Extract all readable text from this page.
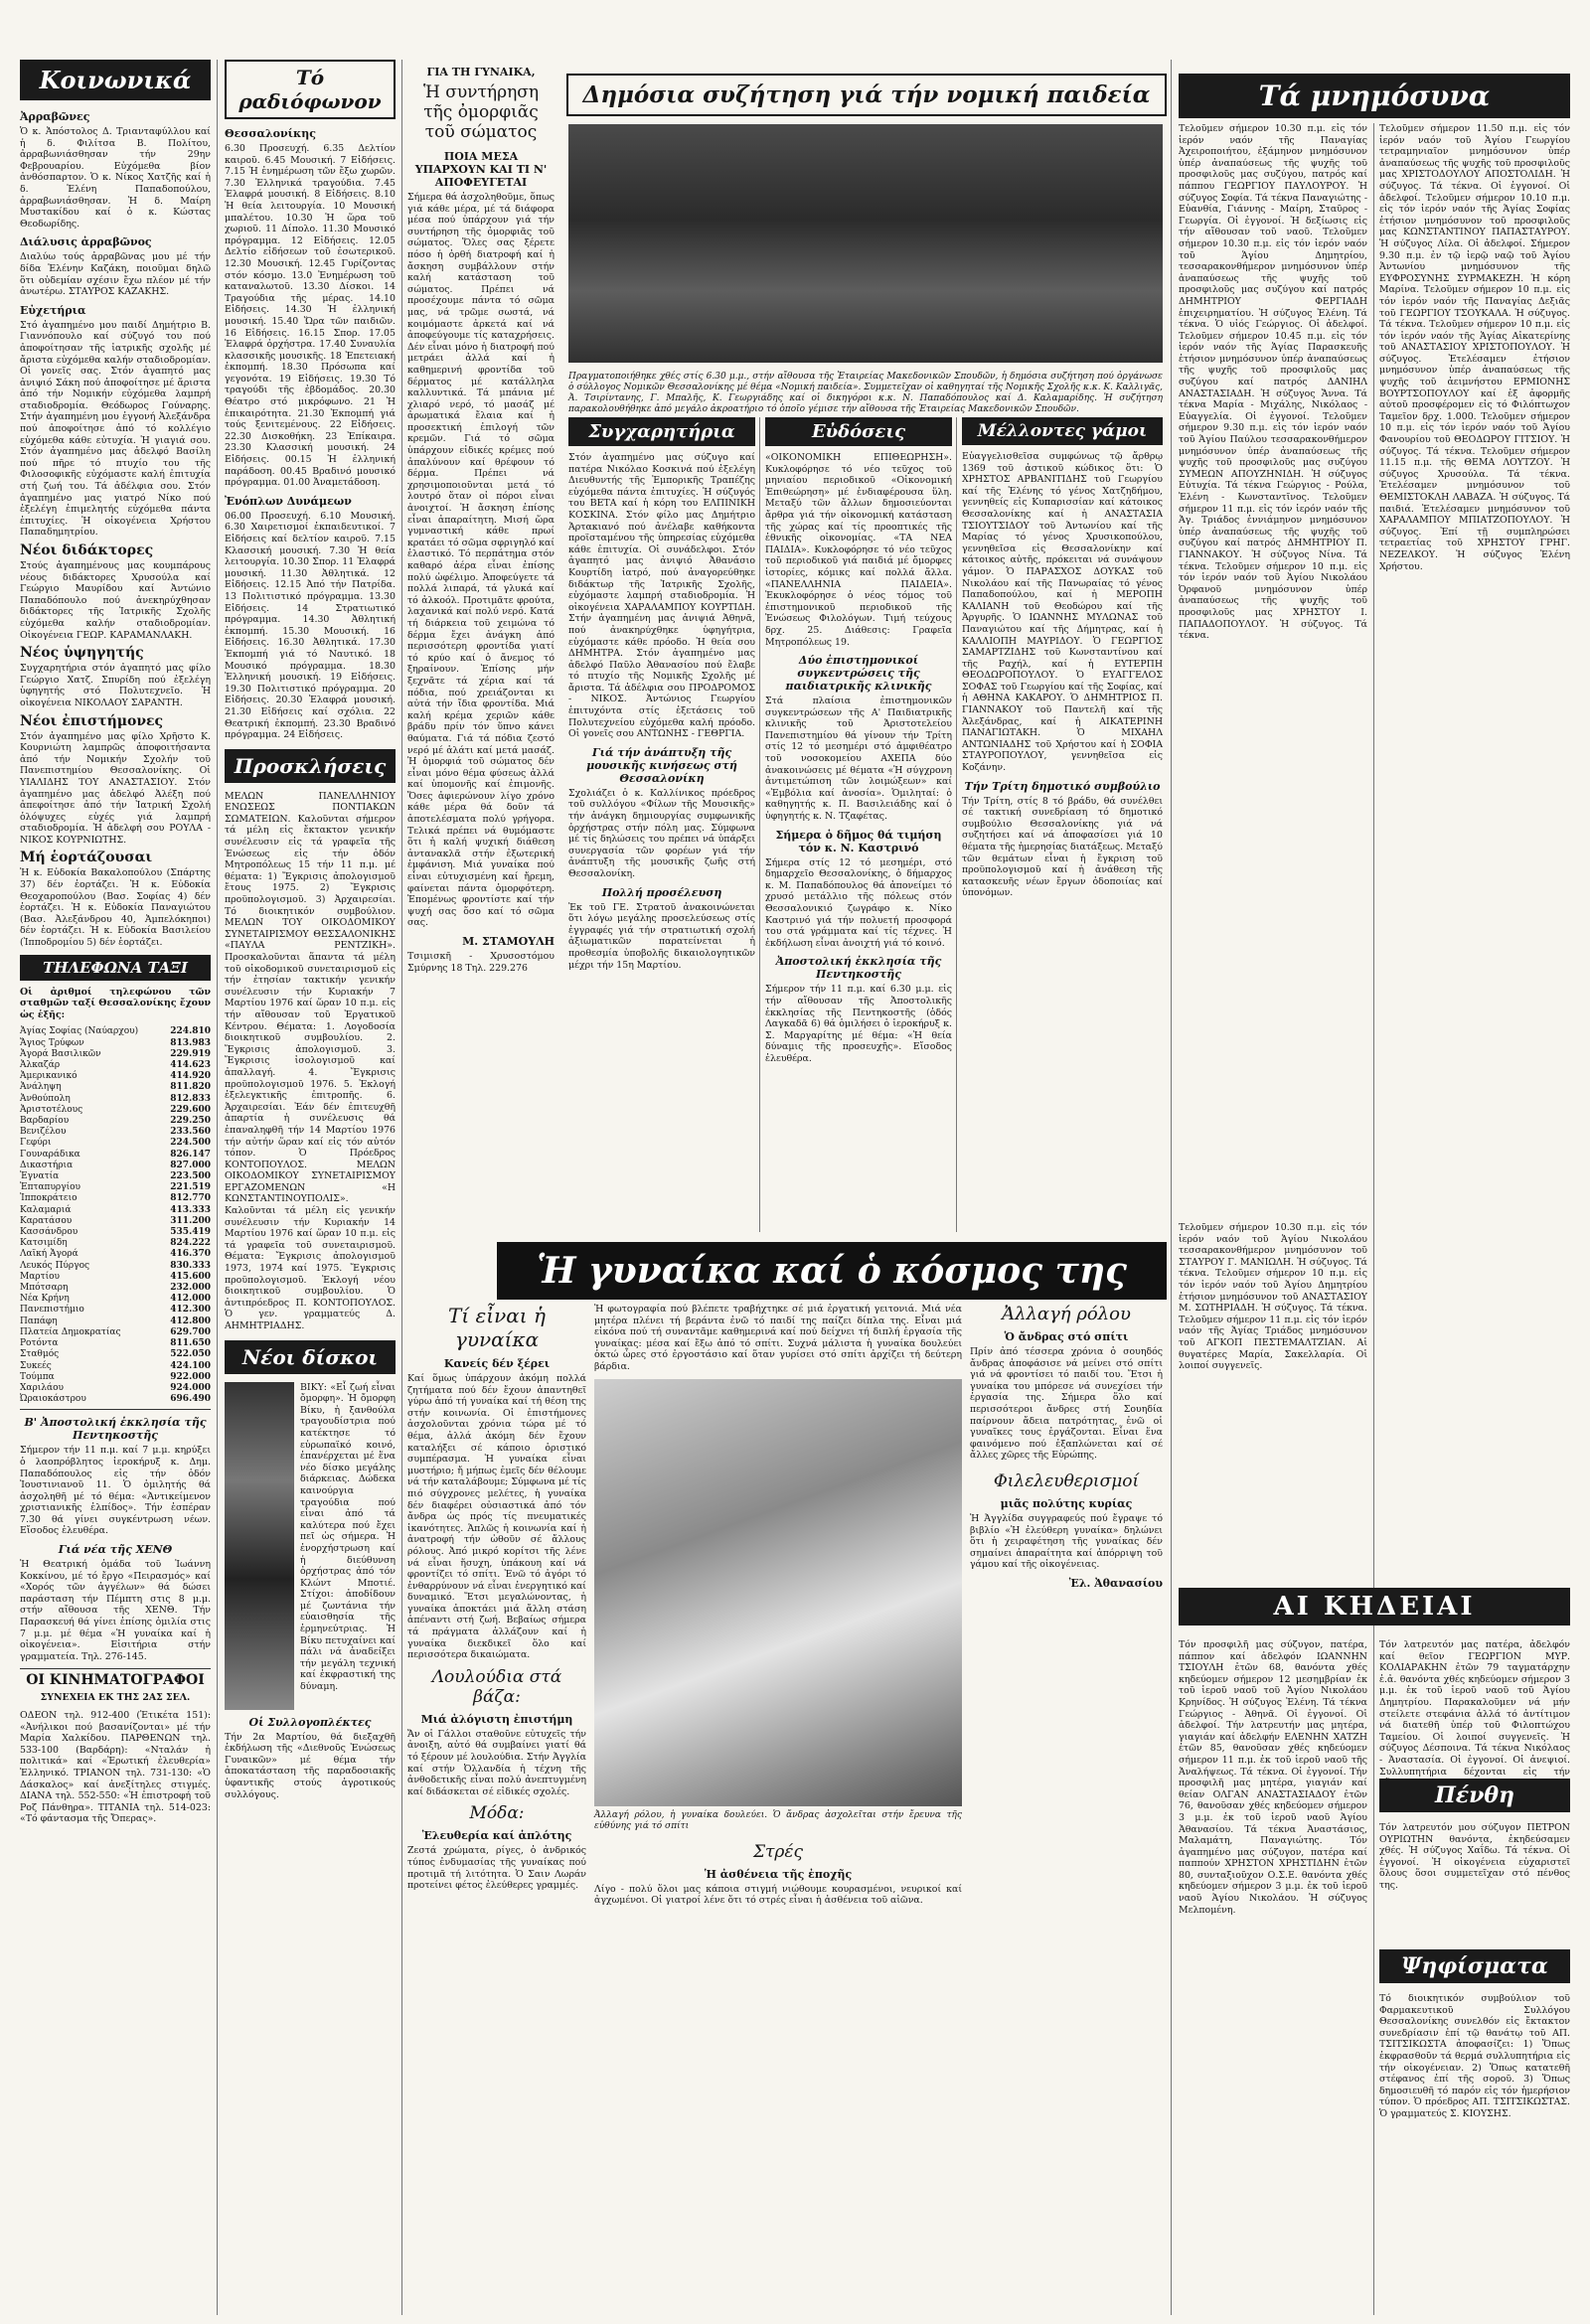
Κοινωνικά
Ἀρραβῶνες

Ὁ κ. Ἀπόστολος Δ. Τριανταφύλλου καί ἡ δ. Φιλίτσα Β. Πολίτου, ἀρραβωνιάσθησαν τήν 29ην Φεβρουαρίου. Εὐχόμεθα βίον ἀνθόσπαρτον. Ὁ κ. Νίκος Χατζῆς καί ἡ δ. Ἑλένη Παπαδοπούλου, ἀρραβωνιάσθησαν. Ἡ δ. Μαίρη Μυστακίδου καί ὁ κ. Κώστας Θεοδωρίδης.

Διάλυσις ἀρραβῶνος

Διαλύω τούς ἀρραβῶνας μου μέ τήν δίδα Ἑλένην Καζάκη, ποιοῦμαι δηλῶ ὅτι οὐδεμίαν σχέσιν ἔχω πλέον μέ τήν ἀνωτέρω. ΣΤΑΥΡΟΣ ΚΑΖΑΚΗΣ.

Εὐχετήρια

Στό ἀγαπημένο μου παιδί Δημήτριο Β. Γιαννόπουλο καί σύζυγό του πού ἀποφοίτησαν τῆς ἰατρικῆς σχολῆς μέ ἄριστα εὐχόμεθα καλήν σταδιοδρομίαν. Οἱ γονεῖς σας. Στόν ἀγαπητό μας ἀνιψιό Σάκη πού ἀποφοίτησε μέ ἄριστα ἀπό τήν Νομικήν εὐχόμεθα λαμπρή σταδιοδρομία. Θεόδωρος Γούναρης. Στήν ἀγαπημένη μου ἐγγονή Ἀλεξάνδρα πού ἀποφοίτησε ἀπό τό κολλέγιο εὐχόμεθα κάθε εὐτυχία. Ἡ γιαγιά σου. Στόν ἀγαπημένο μας ἀδελφό Βασίλη πού πῆρε τό πτυχίο του τῆς Φιλοσοφικῆς εὐχόμαστε καλή ἐπιτυχία στή ζωή του. Τά ἀδέλφια σου. Στόν ἀγαπημένο μας γιατρό Νίκο πού ἐξελέγη ἐπιμελητής εὐχόμεθα πάντα ἐπιτυχίες. Ἡ οἰκογένεια Χρήστου Παπαδημητρίου.

Νέοι διδάκτορες

Στούς ἀγαπημένους μας κουμπάρους νέους διδάκτορες Χρυσούλα καί Γεώργιο Μαυρίδου καί Ἀντώνιο Παπαδόπουλο πού ἀνεκηρύχθησαν διδάκτορες τῆς Ἰατρικῆς Σχολῆς εὐχόμεθα καλήν σταδιοδρομίαν. Οἰκογένεια ΓΕΩΡ. ΚΑΡΑΜΑΝΛΑΚΗ.

Νέος ὑψηγητής

Συγχαρητήρια στόν ἀγαπητό μας φίλο Γεώργιο Χατζ. Σπυρίδη πού ἐξελέγη ὑφηγητής στό Πολυτεχνεῖο. Ἡ οἰκογένεια ΝΙΚΟΛΑΟΥ ΣΑΡΑΝΤΗ.

Νέοι ἐπιστήμονες

Στόν ἀγαπημένο μας φίλο Χρῆστο Κ. Κουρνιώτη λαμπρῶς ἀποφοιτήσαντα ἀπό τήν Νομικήν Σχολήν τοῦ Πανεπιστημίου Θεσσαλονίκης. Οἱ ΥΙΑΛΙΔΗΣ ΤΟΥ ΑΝΑΣΤΑΣΙΟΥ. Στόν ἀγαπημένο μας ἀδελφό Ἀλέξη πού ἀπεφοίτησε ἀπό τήν Ἰατρική Σχολή ὁλόψυχες εὐχές γιά λαμπρή σταδιοδρομία. Ἡ ἀδελφή σου ΡΟΥΛΑ - ΝΙΚΟΣ ΚΟΥΡΝΙΩΤΗΣ.

Μή ἑορτάζουσαι

Ἡ κ. Εὐδοκία Βακαλοπούλου (Σπάρτης 37) δέν ἑορτάζει. Ἡ κ. Εὐδοκία Θεοχαροπούλου (Βασ. Σοφίας 4) δέν ἑορτάζει. Ἡ κ. Εὐδοκία Παναγιώτου (Βασ. Ἀλεξάνδρου 40, Ἀμπελόκηποι) δέν ἑορτάζει. Ἡ κ. Εὐδοκία Βασιλείου (Ἰπποδρομίου 5) δέν ἑορτάζει.

ΤΗΛΕΦΩΝΑ ΤΑΞΙ

Οἱ ἀριθμοί τηλεφώνου τῶν σταθμῶν ταξί Θεσσαλονίκης ἔχουν ὡς ἑξῆς:

Ἀγίας Σοφίας (Ναύαρχου)	224.810
Ἄγιος Τρύφων	813.983
Ἀγορά Βασιλικῶν	229.919
Ἀλκαζάρ	414.623
Ἀμερικανικό	414.920
Ἀνάληψη	811.820
Ἀνθούπολη	812.833
Ἀριστοτέλους	229.600
Βαρδαρίου	229.250
Βενιζέλου	233.560
Γεφύρι	224.500
Γουναράδικα	826.147
Δικαστήρια	827.000
Ἐγνατία	223.500
Ἑπταπυργίου	221.519
Ἰπποκράτειο	812.770
Καλαμαριά	413.333
Καρατάσου	311.200
Κασσάνδρου	535.419
Κατσιμίδη	824.222
Λαϊκή Ἀγορά	416.370
Λευκός Πύργος	830.333
Μαρτίου	415.600
Μπότσαρη	232.000
Νέα Κρήνη	412.000
Πανεπιστήμιο	412.300
Παπάφη	412.800
Πλατεία Δημοκρατίας	629.700
Ροτόντα	811.650
Σταθμός	522.050
Συκεές	424.100
Τούμπα	922.000
Χαριλάου	924.000
Ὠραιοκάστρου	696.490
Β' Ἀποστολική ἐκκλησία τῆς Πεντηκοστῆς

Σήμερον τήν 11 π.μ. καί 7 μ.μ. κηρύξει ὁ λαοπρόβλητος ἱεροκήρυξ κ. Δημ. Παπαδόπουλος εἰς τήν ὁδόν Ἰουστινιανοῦ 11. Ὁ ὁμιλητής θά ἀσχοληθῆ μέ τό θέμα: «Ἀντικείμενον χριστιανικῆς ἐλπίδος». Τήν ἑσπέραν 7.30 θά γίνει συγκέντρωση νέων. Εἴσοδος ἐλευθέρα.

Γιά νέα τῆς ΧΕΝΘ

Ἡ Θεατρική ὁμάδα τοῦ Ἰωάννη Κοκκίνου, μέ τό ἔργο «Πειρασμός» καί «Χορός τῶν ἀγγέλων» θά δώσει παράσταση τήν Πέμπτη στις 8 μ.μ. στήν αἴθουσα τῆς ΧΕΝΘ. Τήν Παρασκευή θά γίνει ἐπίσης ὁμιλία στις 7 μ.μ. μέ θέμα «Ἡ γυναίκα καί ἡ οἰκογένεια». Εἰσιτήρια στήν γραμματεία. Τηλ. 276-145.

ΟΙ ΚΙΝΗΜΑΤΟΓΡΑΦΟΙ
ΣΥΝΕΧΕΙΑ ΕΚ ΤΗΣ 2ΑΣ ΣΕΛ.

ΟΔΕΟΝ τηλ. 912-400 (Ἐτικέτα 151): «Ἀνήλικοι πού βασανίζονται» μέ τήν Μαρία Χαλκίδου. ΠΑΡΘΕΝΩΝ τηλ. 533-100 (Βαρδάρη): «Νταλάν ἡ πολιτικά» καί «Ἐρωτική ἐλευθερία» Ἑλληνικό. ΤΡΙΑΝΟΝ τηλ. 731-130: «Ὁ Δάσκαλος» καί ἀνεξίτηλες στιγμές. ΔΙΑΝΑ τηλ. 552-550: «Ἡ ἐπιστροφή τοῦ Ροζ Πάνθηρα». ΤΙΤΑΝΙΑ τηλ. 514-023: «Τό φάντασμα τῆς Ὄπερας».

Τό ραδιόφωνον
Θεσσαλονίκης

6.30 Προσευχή. 6.35 Δελτίον καιροῦ. 6.45 Μουσική. 7 Εἰδήσεις. 7.15 Ἡ ἐνημέρωση τῶν ἔξω χωρῶν. 7.30 Ἑλληνικά τραγούδια. 7.45 Ἐλαφρά μουσική. 8 Εἰδήσεις. 8.10 Ἡ θεία λειτουργία. 10 Μουσική μπαλέτου. 10.30 Ἡ ὥρα τοῦ χωριοῦ. 11 Δίπολο. 11.30 Μουσικό πρόγραμμα. 12 Εἰδήσεις. 12.05 Δελτίο εἰδήσεων τοῦ ἐσωτερικοῦ. 12.30 Μουσική. 12.45 Γυρίζοντας στόν κόσμο. 13.0 Ἐνημέρωση τοῦ καταναλωτοῦ. 13.30 Δίσκοι. 14 Τραγούδια τῆς μέρας. 14.10 Εἰδήσεις. 14.30 Ἡ ἑλληνική μουσική. 15.40 Ὥρα τῶν παιδιῶν. 16 Εἰδήσεις. 16.15 Σπορ. 17.05 Ἐλαφρά ὀρχήστρα. 17.40 Συναυλία κλασσικῆς μουσικῆς. 18 Ἐπετειακή ἐκπομπή. 18.30 Πρόσωπα καί γεγονότα. 19 Εἰδήσεις. 19.30 Τό τραγούδι τῆς ἐβδομάδος. 20.30 Θέατρο στό μικρόφωνο. 21 Ἡ ἐπικαιρότητα. 21.30 Ἐκπομπή γιά τούς ξενιτεμένους. 22 Εἰδήσεις. 22.30 Δισκοθήκη. 23 Ἐπίκαιρα. 23.30 Κλασσική μουσική. 24 Εἰδήσεις. 00.15 Ἡ ἑλληνική παράδοση. 00.45 Βραδινό μουσικό πρόγραμμα. 01.00 Ἀναμετάδοση.

Ἐνόπλων Δυνάμεων

06.00 Προσευχή. 6.10 Μουσική. 6.30 Χαιρετισμοί ἐκπαιδευτικοί. 7 Εἰδήσεις καί δελτίον καιροῦ. 7.15 Κλασσική μουσική. 7.30 Ἡ θεία λειτουργία. 10.30 Σπορ. 11 Ἐλαφρά μουσική. 11.30 Ἀθλητικά. 12 Εἰδήσεις. 12.15 Ἀπό τήν Πατρίδα. 13 Πολιτιστικό πρόγραμμα. 13.30 Εἰδήσεις. 14 Στρατιωτικό πρόγραμμα. 14.30 Ἀθλητική ἐκπομπή. 15.30 Μουσική. 16 Εἰδήσεις. 16.30 Ἀθλητικά. 17.30 Ἐκπομπή γιά τό Ναυτικό. 18 Μουσικό πρόγραμμα. 18.30 Ἐλληνική μουσική. 19 Εἰδήσεις. 19.30 Πολιτιστικό πρόγραμμα. 20 Εἰδήσεις. 20.30 Ἐλαφρά μουσική. 21.30 Εἰδήσεις καί σχόλια. 22 Θεατρική ἐκπομπή. 23.30 Βραδινό πρόγραμμα. 24 Εἰδήσεις.

Προσκλήσεις

ΜΕΛΩΝ ΠΑΝΕΛΛΗΝΙΟΥ ΕΝΩΣΕΩΣ ΠΟΝΤΙΑΚΩΝ ΣΩΜΑΤΕΙΩΝ. Καλοῦνται σήμερον τά μέλη εἰς ἔκτακτον γενικήν συνέλευσιν εἰς τά γραφεῖα τῆς Ἐνώσεως εἰς τήν ὁδόν Μητροπόλεως 15 τήν 11 π.μ. μέ θέματα: 1) Ἔγκρισις ἀπολογισμοῦ ἔτους 1975. 2) Ἔγκρισις προϋπολογισμοῦ. 3) Ἀρχαιρεσίαι. Τό διοικητικόν συμβούλιον. ΜΕΛΩΝ ΤΟΥ ΟΙΚΟΔΟΜΙΚΟΥ ΣΥΝΕΤΑΙΡΙΣΜΟΥ ΘΕΣΣΑΛΟΝΙΚΗΣ «ΠΑΥΛΑ ΡΕΝΤΖΙΚΗ». Προσκαλοῦνται ἅπαντα τά μέλη τοῦ οἰκοδομικοῦ συνεταιρισμοῦ εἰς τήν ἐτησίαν τακτικήν γενικήν συνέλευσιν τήν Κυριακήν 7 Μαρτίου 1976 καί ὥραν 10 π.μ. εἰς τήν αἴθουσαν τοῦ Ἐργατικοῦ Κέντρου. Θέματα: 1. Λογοδοσία διοικητικοῦ συμβουλίου. 2. Ἔγκρισις ἀπολογισμοῦ. 3. Ἔγκρισις ἰσολογισμοῦ καί ἀπαλλαγή. 4. Ἔγκρισις προϋπολογισμοῦ 1976. 5. Ἐκλογή ἐξελεγκτικῆς ἐπιτροπῆς. 6. Ἀρχαιρεσίαι. Ἐάν δέν ἐπιτευχθῆ ἀπαρτία ἡ συνέλευσις θά ἐπαναληφθῆ τήν 14 Μαρτίου 1976 τήν αὐτήν ὥραν καί εἰς τόν αὐτόν τόπον. Ὁ Πρόεδρος ΚΟΝΤΟΠΟΥΛΟΣ. ΜΕΛΩΝ ΟΙΚΟΔΟΜΙΚΟΥ ΣΥΝΕΤΑΙΡΙΣΜΟΥ ΕΡΓΑΖΟΜΕΝΩΝ «Η ΚΩΝΣΤΑΝΤΙΝΟΥΠΟΛΙΣ». Καλοῦνται τά μέλη εἰς γενικήν συνέλευσιν τήν Κυριακήν 14 Μαρτίου 1976 καί ὥραν 10 π.μ. εἰς τά γραφεῖα τοῦ συνεταιρισμοῦ. Θέματα: Ἔγκρισις ἀπολογισμοῦ 1973, 1974 καί 1975. Ἔγκρισις προϋπολογισμοῦ. Ἐκλογή νέου διοικητικοῦ συμβουλίου. Ὁ ἀντιπρόεδρος Π. ΚΟΝΤΟΠΟΥΛΟΣ. Ὁ γεν. γραμματεύς Δ. ΑΗΜΗΤΡΙΑΔΗΣ.

Νέοι δίσκοι

ΒΙΚΥ: «Εἶ ζωή εἶναι ὄμορφη». Ἡ ὄμορφη Βίκυ, ἡ ξανθούλα τραγουδίστρια πού κατέκτησε τό εὐρωπαϊκό κοινό, ἐπανέρχεται μέ ἕνα νέο δίσκο μεγάλης διάρκειας. Δώδεκα καινούργια τραγούδια πού εἶναι ἀπό τά καλύτερα πού ἔχει πεῖ ὡς σήμερα. Ἡ ἐνορχήστρωση καί ἡ διεύθυνση ὀρχήστρας ἀπό τόν Κλώντ Μποτιέ. Στίχοι: ἀποδίδουν μέ ζωντάνια τήν εὐαισθησία τῆς ἑρμηνεύτριας. Ἡ Βίκυ πετυχαίνει καί πάλι νά ἀναδείξει τήν μεγάλη τεχνική καί ἐκφραστική της δύναμη.

Οἱ Συλλογοπλέκτες

Τήν 2α Μαρτίου, θά διεξαχθῆ ἐκδήλωση τῆς «Διεθνοῦς Ἐνώσεως Γυναικῶν» μέ θέμα τήν ἀποκατάσταση τῆς παραδοσιακῆς ὑφαντικῆς στούς ἀγροτικούς συλλόγους.

ΓΙΑ ΤΗ ΓΥΝΑΙΚΑ,
Ἡ συντήρηση τῆς ὀμορφιᾶς τοῦ σώματος
ΠΟΙΑ ΜΕΣΑ ΥΠΑΡΧΟΥΝ ΚΑΙ ΤΙ Ν' ΑΠΟΦΕΥΓΕΤΑΙ

Σήμερα θά ἀσχοληθοῦμε, ὅπως γιά κάθε μέρα, μέ τά διάφορα μέσα πού ὑπάρχουν γιά τήν συντήρηση τῆς ὀμορφιᾶς τοῦ σώματος. Ὅλες σας ξέρετε πόσο ἡ ὀρθή διατροφή καί ἡ ἄσκηση συμβάλλουν στήν καλή κατάσταση τοῦ σώματος. Πρέπει νά προσέχουμε πάντα τό σῶμα μας, νά τρῶμε σωστά, νά κοιμόμαστε ἀρκετά καί νά ἀποφεύγουμε τίς καταχρήσεις. Δέν εἶναι μόνο ἡ διατροφή πού μετράει ἀλλά καί ἡ καθημερινή φροντίδα τοῦ δέρματος μέ κατάλληλα καλλυντικά. Τά μπάνια μέ χλιαρό νερό, τό μασάζ μέ ἀρωματικά ἔλαια καί ἡ προσεκτική ἐπιλογή τῶν κρεμῶν. Γιά τό σῶμα ὑπάρχουν εἰδικές κρέμες πού ἀπαλύνουν καί θρέφουν τό δέρμα. Πρέπει νά χρησιμοποιοῦνται μετά τό λουτρό ὅταν οἱ πόροι εἶναι ἀνοιχτοί. Ἡ ἄσκηση ἐπίσης εἶναι ἀπαραίτητη. Μισή ὥρα γυμναστική κάθε πρωί κρατάει τό σῶμα σφριγηλό καί ἐλαστικό. Τό περπάτημα στόν καθαρό ἀέρα εἶναι ἐπίσης πολύ ὠφέλιμο. Ἀποφεύγετε τά πολλά λιπαρά, τά γλυκά καί τό ἀλκοόλ. Προτιμᾶτε φρούτα, λαχανικά καί πολύ νερό. Κατά τή διάρκεια τοῦ χειμώνα τό δέρμα ἔχει ἀνάγκη ἀπό περισσότερη φροντίδα γιατί τό κρύο καί ὁ ἄνεμος τό ξηραίνουν. Ἐπίσης μήν ξεχνᾶτε τά χέρια καί τά πόδια, πού χρειάζονται κι αὐτά τήν ἴδια φροντίδα. Μιά καλή κρέμα χεριῶν κάθε βράδυ πρίν τόν ὕπνο κάνει θαύματα. Γιά τά πόδια ζεστό νερό μέ ἁλάτι καί μετά μασάζ. Ἡ ὀμορφιά τοῦ σώματος δέν εἶναι μόνο θέμα φύσεως ἀλλά καί ὑπομονῆς καί ἐπιμονῆς. Ὅσες ἀφιερώνουν λίγο χρόνο κάθε μέρα θά δοῦν τά ἀποτελέσματα πολύ γρήγορα. Τελικά πρέπει νά θυμόμαστε ὅτι ἡ καλή ψυχική διάθεση ἀντανακλᾶ στήν ἐξωτερική ἐμφάνιση. Μιά γυναίκα πού εἶναι εὐτυχισμένη καί ἤρεμη, φαίνεται πάντα ὀμορφότερη. Ἑπομένως φροντίστε καί τήν ψυχή σας ὅσο καί τό σῶμα σας.

Μ. ΣΤΑΜΟΥΛΗ

Τσιμισκῆ - Χρυσοστόμου Σμύρνης 18 Τηλ. 229.276

Δημόσια συζήτηση γιά τήν νομική παιδεία

Πραγματοποιήθηκε χθές στίς 6.30 μ.μ., στήν αἴθουσα τῆς Ἑταιρείας Μακεδονικῶν Σπουδῶν, ἡ δημόσια συζήτηση πού ὀργάνωσε ὁ σύλλογος Νομικῶν Θεσσαλονίκης μέ θέμα «Νομική παιδεία». Συμμετεῖχαν οἱ καθηγηταί τῆς Νομικῆς Σχολῆς κ.κ. Κ. Καλλιγᾶς, Ἀ. Τσιρίντανης, Γ. Μπαλῆς, Κ. Γεωργιάδης καί οἱ δικηγόροι κ.κ. Ν. Παπαδόπουλος καί Δ. Καλαμαρίδης. Ἡ συζήτηση παρακολουθήθηκε ἀπό μεγάλο ἀκροατήριο τό ὁποῖο γέμισε τήν αἴθουσα τῆς Ἑταιρείας Μακεδονικῶν Σπουδῶν.

Συγχαρητήρια

Στόν ἀγαπημένο μας σύζυγο καί πατέρα Νικόλαο Κοσκινά πού ἐξελέγη Διευθυντής τῆς Ἐμπορικῆς Τραπέζης εὐχόμεθα πάντα ἐπιτυχίες. Ἡ σύζυγός του ΒΕΤΑ καί ἡ κόρη του ΕΛΠΙΝΙΚΗ ΚΟΣΚΙΝΑ. Στόν φίλο μας Δημήτριο Ἀρτακιανό πού ἀνέλαβε καθήκοντα προϊσταμένου τῆς ὑπηρεσίας εὐχόμεθα κάθε ἐπιτυχία. Οἱ συνάδελφοι. Στόν ἀγαπητό μας ἀνιψιό Ἀθανάσιο Κουρτίδη ἰατρό, πού ἀναγορεύθηκε διδάκτωρ τῆς Ἰατρικῆς Σχολῆς, εὐχόμαστε λαμπρή σταδιοδρομία. Ἡ οἰκογένεια ΧΑΡΑΛΑΜΠΟΥ ΚΟΥΡΤΙΔΗ. Στήν ἀγαπημένη μας ἀνιψιά Ἀθηνᾶ, πού ἀνακηρύχθηκε ὑφηγήτρια, εὐχόμαστε κάθε πρόοδο. Ἡ θεία σου ΔΗΜΗΤΡΑ. Στόν ἀγαπημένο μας ἀδελφό Παῦλο Ἀθανασίου πού ἔλαβε τό πτυχίο τῆς Νομικῆς Σχολῆς μέ ἄριστα. Τά ἀδέλφια σου ΠΡΟΔΡΟΜΟΣ - ΝΙΚΟΣ. Ἀντώνιος Γεωργίου ἐπιτυχόντα στίς ἐξετάσεις τοῦ Πολυτεχνείου εὐχόμεθα καλή πρόοδο. Οἱ γονεῖς σου ΑΝΤΩΝΗΣ - ΓΕΘΡΓΙΑ.

Γιά τήν ἀνάπτυξη τῆς μουσικῆς κινήσεως στή Θεσσαλονίκη

Σχολιάζει ὁ κ. Καλλίνικος πρόεδρος τοῦ συλλόγου «Φίλων τῆς Μουσικῆς» τήν ἀνάγκη δημιουργίας συμφωνικῆς ὀρχήστρας στήν πόλη μας. Σύμφωνα μέ τίς δηλώσεις του πρέπει νά ὑπάρξει συνεργασία τῶν φορέων γιά τήν ἀνάπτυξη τῆς μουσικῆς ζωῆς στή Θεσσαλονίκη.

Πολλή προσέλευση

Ἐκ τοῦ ΓΕ. Στρατοῦ ἀνακοινώνεται ὅτι λόγω μεγάλης προσελεύσεως στίς ἐγγραφές γιά τήν στρατιωτική σχολή ἀξιωματικῶν παρατείνεται ἡ προθεσμία ὑποβολῆς δικαιολογητικῶν μέχρι τήν 15η Μαρτίου.

Εὐδόσεις

«ΟΙΚΟΝΟΜΙΚΗ ΕΠΙΘΕΩΡΗΣΗ». Κυκλοφόρησε τό νέο τεῦχος τοῦ μηνιαίου περιοδικοῦ «Οἰκονομική Ἐπιθεώρηση» μέ ἐνδιαφέρουσα ὕλη. Μεταξύ τῶν ἄλλων δημοσιεύονται ἄρθρα γιά τήν οἰκονομική κατάσταση τῆς χώρας καί τίς προοπτικές τῆς ἐθνικῆς οἰκονομίας. «ΤΑ ΝΕΑ ΠΑΙΔΙΑ». Κυκλοφόρησε τό νέο τεῦχος τοῦ περιοδικοῦ γιά παιδιά μέ ὄμορφες ἱστορίες, κόμικς καί πολλά ἄλλα. «ΠΑΝΕΛΛΗΝΙΑ ΠΑΙΔΕΙΑ». Ἐκυκλοφόρησε ὁ νέος τόμος τοῦ ἐπιστημονικοῦ περιοδικοῦ τῆς Ἑνώσεως Φιλολόγων. Τιμή τεύχους δρχ. 25. Διάθεσις: Γραφεῖα Μητροπόλεως 19.

Δύο ἐπιστημονικοί συγκεντρώσεις τῆς παιδιατρικῆς κλινικῆς

Στά πλαίσια ἐπιστημονικῶν συγκεντρώσεων τῆς Α' Παιδιατρικῆς κλινικῆς τοῦ Ἀριστοτελείου Πανεπιστημίου θά γίνουν τήν Τρίτη στίς 12 τό μεσημέρι στό ἀμφιθέατρο τοῦ νοσοκομείου ΑΧΕΠΑ δύο ἀνακοινώσεις μέ θέματα «Ἡ σύγχρονη ἀντιμετώπιση τῶν λοιμώξεων» καί «Ἐμβόλια καί ἀνοσία». Ὁμιληταί: ὁ καθηγητής κ. Π. Βασιλειάδης καί ὁ ὑφηγητής κ. Ν. Τζαφέτας.

Σήμερα ὁ δῆμος θά τιμήση τόν κ. Ν. Καστρινό

Σήμερα στίς 12 τό μεσημέρι, στό δημαρχεῖο Θεσσαλονίκης, ὁ δήμαρχος κ. Μ. Παπαδόπουλος θά ἀπονείμει τό χρυσό μετάλλιο τῆς πόλεως στόν Θεσσαλονικιό ζωγράφο κ. Νίκο Καστρινό γιά τήν πολυετή προσφορά του στά γράμματα καί τίς τέχνες. Ἡ ἐκδήλωση εἶναι ἀνοιχτή γιά τό κοινό.

Ἀποστολική ἐκκλησία τῆς Πεντηκοστῆς

Σήμερον τήν 11 π.μ. καί 6.30 μ.μ. εἰς τήν αἴθουσαν τῆς Ἀποστολικῆς ἐκκλησίας τῆς Πεντηκοστῆς (ὁδός Λαγκαδᾶ 6) θά ὁμιλήσει ὁ ἱεροκήρυξ κ. Σ. Μαργαρίτης μέ θέμα: «Ἡ θεία δύναμις τῆς προσευχῆς». Εἴσοδος ἐλευθέρα.

Μέλλοντες γάμοι

Εὐαγγελισθεῖσα συμφώνως τῷ ἄρθρῳ 1369 τοῦ ἀστικοῦ κώδικος ὅτι: Ὁ ΧΡΗΣΤΟΣ ΑΡΒΑΝΙΤΙΔΗΣ τοῦ Γεωργίου καί τῆς Ἑλένης τό γένος Χατζηδήμου, γεννηθείς εἰς Κυπαρισσίαν καί κάτοικος Θεσσαλονίκης καί ἡ ΑΝΑΣΤΑΣΙΑ ΤΣΙΟΥΤΣΙΔΟΥ τοῦ Ἀντωνίου καί τῆς Μαρίας τό γένος Χρυσικοπούλου, γεννηθεῖσα εἰς Θεσσαλονίκην καί κάτοικος αὐτῆς, πρόκειται νά συνάψουν γάμον. Ὁ ΠΑΡΑΣΧΟΣ ΔΟΥΚΑΣ τοῦ Νικολάου καί τῆς Πανωραίας τό γένος Παπαδοπούλου, καί ἡ ΜΕΡΟΠΗ ΚΑΛΙΑΝΗ τοῦ Θεοδώρου καί τῆς Ἀργυρῆς. Ὁ ΙΩΑΝΝΗΣ ΜΥΛΩΝΑΣ τοῦ Παναγιώτου καί τῆς Δήμητρας, καί ἡ ΚΑΛΛΙΟΠΗ ΜΑΥΡΙΔΟΥ. Ὁ ΓΕΩΡΓΙΟΣ ΣΑΜΑΡΤΖΙΔΗΣ τοῦ Κωνσταντίνου καί τῆς Ραχήλ, καί ἡ ΕΥΤΕΡΠΗ ΘΕΟΔΩΡΟΠΟΥΛΟΥ. Ὁ ΕΥΑΓΓΕΛΟΣ ΣΟΦΑΣ τοῦ Γεωργίου καί τῆς Σοφίας, καί ἡ ΑΘΗΝΑ ΚΑΚΑΡΟΥ. Ὁ ΔΗΜΗΤΡΙΟΣ Π. ΓΙΑΝΝΑΚΟΥ τοῦ Παντελῆ καί τῆς Ἀλεξάνδρας, καί ἡ ΑΙΚΑΤΕΡΙΝΗ ΠΑΝΑΓΙΩΤΑΚΗ. Ὁ ΜΙΧΑΗΛ ΑΝΤΩΝΙΑΔΗΣ τοῦ Χρήστου καί ἡ ΣΟΦΙΑ ΣΤΑΥΡΟΠΟΥΛΟΥ, γεννηθεῖσα εἰς Κοζάνην.

Τήν Τρίτη δημοτικό συμβούλιο

Τήν Τρίτη, στίς 8 τό βράδυ, θά συνέλθει σέ τακτική συνεδρίαση τό δημοτικό συμβούλιο Θεσσαλονίκης γιά νά συζητήσει καί νά ἀποφασίσει γιά 10 θέματα τῆς ἡμερησίας διατάξεως. Μεταξύ τῶν θεμάτων εἶναι ἡ ἔγκριση τοῦ προϋπολογισμοῦ καί ἡ ἀνάθεση τῆς κατασκευῆς νέων ἔργων ὀδοποιίας καί ὑπονόμων.

Ἡ γυναίκα καί ὁ κόσμος της
Τί εἶναι ἡ γυναίκα
Κανείς δέν ξέρει

Καί ὅμως ὑπάρχουν ἀκόμη πολλά ζητήματα πού δέν ἔχουν ἀπαντηθεῖ γύρω ἀπό τή γυναίκα καί τή θέση της στήν κοινωνία. Οἱ ἐπιστήμονες ἀσχολοῦνται χρόνια τώρα μέ τό θέμα, ἀλλά ἀκόμη δέν ἔχουν καταλήξει σέ κάποιο ὁριστικό συμπέρασμα. Ἡ γυναίκα εἶναι μυστήριο; ἤ μήπως ἐμεῖς δέν θέλουμε νά τήν καταλάβουμε; Σύμφωνα μέ τίς πιό σύγχρονες μελέτες, ἡ γυναίκα δέν διαφέρει οὐσιαστικά ἀπό τόν ἄνδρα ὡς πρός τίς πνευματικές ἱκανότητες. Ἁπλῶς ἡ κοινωνία καί ἡ ἀνατροφή τήν ὠθοῦν σέ ἄλλους ρόλους. Ἀπό μικρό κορίτσι τῆς λένε νά εἶναι ἥσυχη, ὑπάκουη καί νά φροντίζει τό σπίτι. Ἐνῶ τό ἀγόρι τό ἐνθαρρύνουν νά εἶναι ἐνεργητικό καί δυναμικό. Ἔτσι μεγαλώνοντας, ἡ γυναίκα ἀποκτάει μιά ἄλλη στάση ἀπέναντι στή ζωή. Βεβαίως σήμερα τά πράγματα ἀλλάζουν καί ἡ γυναίκα διεκδικεῖ ὅλο καί περισσότερα δικαιώματα.

Λουλούδια στά βάζα:
Μιά ἀλόγιστη ἐπιστήμη

Ἄν οἱ Γάλλοι σταθοῦνε εὐτυχεῖς τήν ἀνοιξη, αὐτό θά συμβαίνει γιατί θά τό ξέρουν μέ λουλούδια. Στήν Ἀγγλία καί στήν Ὀλλανδία ἡ τέχνη τῆς ἀνθοδετικῆς εἶναι πολύ ἀνεπτυγμένη καί διδάσκεται σέ εἰδικές σχολές.

Μόδα:
Ἐλευθερία καί ἁπλότης

Ζεστά χρώματα, ρίγες, ὁ ἀνδρικός τύπος ἐνδυμασίας τῆς γυναίκας πού προτιμᾶ τή λιτότητα. Ὁ Σαιν Λωράν προτείνει φέτος ἐλεύθερες γραμμές.

Ἡ φωτογραφία πού βλέπετε τραβήχτηκε σέ μιά ἐργατική γειτονιά. Μιά νέα μητέρα πλένει τή βεράντα ἐνῶ τό παιδί της παίζει δίπλα της. Εἶναι μιά εἰκόνα πού τή συναντᾶμε καθημερινά καί πού δείχνει τή διπλή ἐργασία τῆς γυναίκας: μέσα καί ἔξω ἀπό τό σπίτι. Συχνά μάλιστα ἡ γυναίκα δουλεύει ὀκτώ ὧρες στό ἐργοστάσιο καί ὅταν γυρίσει στό σπίτι ἀρχίζει τή δεύτερη βάρδια.

Ἀλλαγή ρόλου, ἡ γυναίκα δουλεύει. Ὁ ἄνδρας ἀσχολεῖται στήν ἔρευνα τῆς εὐθύνης γιά τό σπίτι

Στρές
Ἡ ἀσθένεια τῆς ἐποχῆς

Λίγο - πολύ ὅλοι μας κάποια στιγμή νιώθουμε κουρασμένοι, νευρικοί καί ἀγχωμένοι. Οἱ γιατροί λένε ὅτι τό στρές εἶναι ἡ ἀσθένεια τοῦ αἰῶνα.

Ἀλλαγή ρόλου
Ὁ ἄνδρας στό σπίτι

Πρίν ἀπό τέσσερα χρόνια ὁ σουηδός ἄνδρας ἀποφάσισε νά μείνει στό σπίτι γιά νά φροντίσει τό παιδί του. Ἔτσι ἡ γυναίκα του μπόρεσε νά συνεχίσει τήν ἐργασία της. Σήμερα ὅλο καί περισσότεροι ἄνδρες στή Σουηδία παίρνουν ἄδεια πατρότητας, ἐνῶ οἱ γυναῖκες τους ἐργάζονται. Εἶναι ἕνα φαινόμενο πού ἐξαπλώνεται καί σέ ἄλλες χῶρες τῆς Εὐρώπης.

Φιλελευθερισμοί
μιᾶς πολύτης κυρίας

Ἡ Ἀγγλίδα συγγραφεύς πού ἔγραψε τό βιβλίο «Ἡ ἐλεύθερη γυναίκα» δηλώνει ὅτι ἡ χειραφέτηση τῆς γυναίκας δέν σημαίνει ἀπαραίτητα καί ἀπόρριψη τοῦ γάμου καί τῆς οἰκογένειας.

Ἐλ. Ἀθανασίου
Τά μνημόσυνα

Τελοῦμεν σήμερον 10.30 π.μ. εἰς τόν ἱερόν ναόν τῆς Παναγίας Ἀχειροποιήτου, ἐξάμηνον μνημόσυνον ὑπέρ ἀναπαύσεως τῆς ψυχῆς τοῦ προσφιλοῦς μας συζύγου, πατρός καί πάππου ΓΕΩΡΓΙΟΥ ΠΑΥΛΟΥΡΟΥ. Ἡ σύζυγος Σοφία. Τά τέκνα Παναγιώτης - Εὐανθία, Γιάννης - Μαίρη, Σταῦρος - Γεωργία. Οἱ ἐγγονοί. Ἡ δεξίωσις εἰς τήν αἴθουσαν τοῦ ναοῦ. Τελοῦμεν σήμερον 10.30 π.μ. εἰς τόν ἱερόν ναόν τοῦ Ἁγίου Δημητρίου, τεσσαρακονθήμερον μνημόσυνον ὑπέρ ἀναπαύσεως τῆς ψυχῆς τοῦ προσφιλοῦς μας συζύγου καί πατρός ΔΗΜΗΤΡΙΟΥ ΦΕΡΓΙΑΔΗ ἐπιχειρηματίου. Ἡ σύζυγος Ἑλένη. Τά τέκνα. Ὁ υἱός Γεώργιος. Οἱ ἀδελφοί. Τελοῦμεν σήμερον 10.45 π.μ. εἰς τόν ἱερόν ναόν τῆς Ἁγίας Παρασκευῆς ἐτήσιον μνημόσυνον ὑπέρ ἀναπαύσεως τῆς ψυχῆς τοῦ προσφιλοῦς μας συζύγου καί πατρός ΔΑΝΙΗΛ ΑΝΑΣΤΑΣΙΑΔΗ. Ἡ σύζυγος Ἄννα. Τά τέκνα Μαρία - Μιχάλης, Νικόλαος - Εὐαγγελία. Οἱ ἐγγονοί. Τελοῦμεν σήμερον 9.30 π.μ. εἰς τόν ἱερόν ναόν τοῦ Ἁγίου Παύλου τεσσαρακονθήμερον μνημόσυνον ὑπέρ ἀναπαύσεως τῆς ψυχῆς τοῦ προσφιλοῦς μας συζύγου ΣΥΜΕΩΝ ΑΠΟΥΖΗΝΙΔΗ. Ἡ σύζυγος Εὐτυχία. Τά τέκνα Γεώργιος - Ρούλα, Ἑλένη - Κωνσταντῖνος. Τελοῦμεν σήμερον 11 π.μ. εἰς τόν ἱερόν ναόν τῆς Ἀγ. Τριάδος ἐννιάμηνον μνημόσυνον ὑπέρ ἀναπαύσεως τῆς ψυχῆς τοῦ συζύγου καί πατρός ΔΗΜΗΤΡΙΟΥ Π. ΓΙΑΝΝΑΚΟΥ. Ἡ σύζυγος Νίνα. Τά τέκνα. Τελοῦμεν σήμερον 10 π.μ. εἰς τόν ἱερόν ναόν τοῦ Ἁγίου Νικολάου Ὀρφανοῦ μνημόσυνον ὑπέρ ἀναπαύσεως τῆς ψυχῆς τοῦ προσφιλοῦς μας ΧΡΗΣΤΟΥ Ι. ΠΑΠΑΔΟΠΟΥΛΟΥ. Ἡ σύζυγος. Τά τέκνα.

Τελοῦμεν σήμερον 11.50 π.μ. εἰς τόν ἱερόν ναόν τοῦ Ἁγίου Γεωργίου τετραμηνιαῖον μνημόσυνον ὑπέρ ἀναπαύσεως τῆς ψυχῆς τοῦ προσφιλοῦς μας ΧΡΙΣΤΟΔΟΥΛΟΥ ΑΠΟΣΤΟΛΙΔΗ. Ἡ σύζυγος. Τά τέκνα. Οἱ ἐγγονοί. Οἱ ἀδελφοί. Τελοῦμεν σήμερον 10.10 π.μ. εἰς τόν ἱερόν ναόν τῆς Ἁγίας Σοφίας ἐτήσιον μνημόσυνον τοῦ προσφιλοῦς μας ΚΩΝΣΤΑΝΤΙΝΟΥ ΠΑΠΑΣΤΑΥΡΟΥ. Ἡ σύζυγος Λίλα. Οἱ ἀδελφοί. Σήμερον 9.30 π.μ. ἐν τῷ ἱερῷ ναῷ τοῦ Ἁγίου Ἀντωνίου μνημόσυνον τῆς ΕΥΦΡΟΣΥΝΗΣ ΣΥΡΜΑΚΕΖΗ. Ἡ κόρη Μαρίνα. Τελοῦμεν σήμερον 10 π.μ. εἰς τόν ἱερόν ναόν τῆς Παναγίας Δεξιᾶς τοῦ ΓΕΩΡΓΙΟΥ ΤΣΟΥΚΑΛΑ. Ἡ σύζυγος. Τά τέκνα. Τελοῦμεν σήμερον 10 π.μ. εἰς τόν ἱερόν ναόν τῆς Ἁγίας Αἰκατερίνης τοῦ ΑΝΑΣΤΑΣΙΟΥ ΧΡΙΣΤΟΠΟΥΛΟΥ. Ἡ σύζυγος. Ἐτελέσαμεν ἐτήσιον μνημόσυνον ὑπέρ ἀναπαύσεως τῆς ψυχῆς τοῦ ἀειμνήστου ΕΡΜΙΟΝΗΣ ΒΟΥΡΤΣΟΠΟΥΛΟΥ καί ἐξ ἀφορμῆς αὐτοῦ προσφέρομεν εἰς τό Φιλόπτωχον Ταμεῖον δρχ. 1.000. Τελοῦμεν σήμερον 10 π.μ. εἰς τόν ἱερόν ναόν τοῦ Ἁγίου Φανουρίου τοῦ ΘΕΟΔΩΡΟΥ ΓΙΤΣΙΟΥ. Ἡ σύζυγος. Τά τέκνα. Τελοῦμεν σήμερον 11.15 π.μ. τῆς ΘΕΜΑ ΛΟΥΤΖΟΥ. Ἡ σύζυγος Χρυσούλα. Τά τέκνα. Ἐτελέσαμεν μνημόσυνον τοῦ ΘΕΜΙΣΤΟΚΛΗ ΛΑΒΑΖΑ. Ἡ σύζυγος. Τά παιδιά. Ἐτελέσαμεν μνημόσυνον τοῦ ΧΑΡΑΛΑΜΠΟΥ ΜΠΙΑΤΖΟΠΟΥΛΟΥ. Ἡ σύζυγος. Ἐπί τῇ συμπληρώσει τετραετίας τοῦ ΧΡΗΣΤΟΥ ΓΡΗΓ. ΝΕΖΕΛΚΟΥ. Ἡ σύζυγος Ἑλένη Χρήστου.

Τελοῦμεν σήμερον 10.30 π.μ. εἰς τόν ἱερόν ναόν τοῦ Ἁγίου Νικολάου τεσσαρακονθήμερον μνημόσυνον τοῦ ΣΤΑΥΡΟΥ Γ. ΜΑΝΙΩΛΗ. Ἡ σύζυγος. Τά τέκνα. Τελοῦμεν σήμερον 10 π.μ. εἰς τόν ἱερόν ναόν τοῦ Ἁγίου Δημητρίου ἐτήσιον μνημόσυνον τοῦ ΑΝΑΣΤΑΣΙΟΥ Μ. ΣΩΤΗΡΙΑΔΗ. Ἡ σύζυγος. Τά τέκνα. Τελοῦμεν σήμερον 11 π.μ. εἰς τόν ἱερόν ναόν τῆς Ἁγίας Τριάδος μνημόσυνον τοῦ ΑΓΚΟΠ ΠΕΣΤΕΜΑΛΤΖΙΑΝ. Αἱ θυγατέρες Μαρία, Σακελλαρία. Οἱ λοιποί συγγενεῖς.

ΑΙ ΚΗΔΕΙΑΙ

Τόν προσφιλῆ μας σύζυγον, πατέρα, πάππον καί ἀδελφόν ΙΩΑΝΝΗΝ ΤΣΙΟΥΛΗ ἐτῶν 68, θανόντα χθές κηδεύομεν σήμερον 12 μεσημβρίαν ἐκ τοῦ ἱεροῦ ναοῦ τοῦ Ἁγίου Νικολάου Κρηνίδος. Ἡ σύζυγος Ἐλένη. Τά τέκνα Γεώργιος - Ἀθηνᾶ. Οἱ ἐγγονοί. Οἱ ἀδελφοί. Τήν λατρευτήν μας μητέρα, γιαγιάν καί ἀδελφήν ΕΛΕΝΗΝ ΧΑΤΖΗ ἐτῶν 85, θανοῦσαν χθές κηδεύομεν σήμερον 11 π.μ. ἐκ τοῦ ἱεροῦ ναοῦ τῆς Ἀναλήψεως. Τά τέκνα. Οἱ ἐγγονοί. Τήν προσφιλῆ μας μητέρα, γιαγιάν καί θείαν ΟΛΓΑΝ ΑΝΑΣΤΑΣΙΑΔΟΥ ἐτῶν 76, θανοῦσαν χθές κηδεύομεν σήμερον 3 μ.μ. ἐκ τοῦ ἱεροῦ ναοῦ Ἁγίου Ἀθανασίου. Τά τέκνα Ἀναστάσιος, Μαλαμάτη, Παναγιώτης. Τόν ἀγαπημένο μας σύζυγον, πατέρα καί παππούν ΧΡΗΣΤΟΝ ΧΡΗΣΤΙΔΗΝ ἐτῶν 80, συνταξιοῦχον Ο.Σ.Ε. θανόντα χθές κηδεύομεν σήμερον 3 μ.μ. ἐκ τοῦ ἱεροῦ ναοῦ Ἁγίου Νικολάου. Ἡ σύζυγος Μελπομένη.

Τόν λατρευτόν μας πατέρα, ἀδελφόν καί θεῖον ΓΕΩΡΓΙΟΝ ΜΥΡ. ΚΟΛΙΑΡΑΚΗΝ ἐτῶν 79 ταγματάρχην ἐ.ἀ. θανόντα χθές κηδεύομεν σήμερον 3 μ.μ. ἐκ τοῦ ἱεροῦ ναοῦ τοῦ Ἁγίου Δημητρίου. Παρακαλοῦμεν νά μήν στείλετε στεφάνια ἀλλά τό ἀντίτιμον νά διατεθῆ ὑπέρ τοῦ Φιλοπτώχου Ταμείου. Οἱ λοιποί συγγενεῖς. Ἡ σύζυγος Δέσποινα. Τά τέκνα Νικόλαος - Ἀναστασία. Οἱ ἐγγονοί. Οἱ ἀνεψιοί. Συλλυπητήρια δέχονται εἰς τήν

Πένθη

Τόν λατρευτόν μου σύζυγον ΠΕΤΡΟΝ ΟΥΡΙΩΤΗΝ θανόντα, ἐκηδεύσαμεν χθές. Ἡ σύζυγος Χαΐδω. Τά τέκνα. Οἱ ἐγγονοί. Ἡ οἰκογένεια εὐχαριστεῖ ὅλους ὅσοι συμμετεῖχαν στό πένθος της.

Ψηφίσματα

Τό διοικητικόν συμβούλιον τοῦ Φαρμακευτικοῦ Συλλόγου Θεσσαλονίκης συνελθόν εἰς ἔκτακτον συνεδρίασιν ἐπί τῷ θανάτῳ τοῦ ΑΠ. ΤΣΙΤΣΙΚΩΣΤΑ ἀποφασίζει: 1) Ὅπως ἐκφρασθοῦν τά θερμά συλλυπητήρια εἰς τήν οἰκογένειαν. 2) Ὅπως κατατεθῆ στέφανος ἐπί τῆς σοροῦ. 3) Ὅπως δημοσιευθῆ τό παρόν εἰς τόν ἡμερήσιον τύπον. Ὁ πρόεδρος ΑΠ. ΤΣΙΤΣΙΚΩΣΤΑΣ. Ὁ γραμματεύς Σ. ΚΙΟΥΣΗΣ.
